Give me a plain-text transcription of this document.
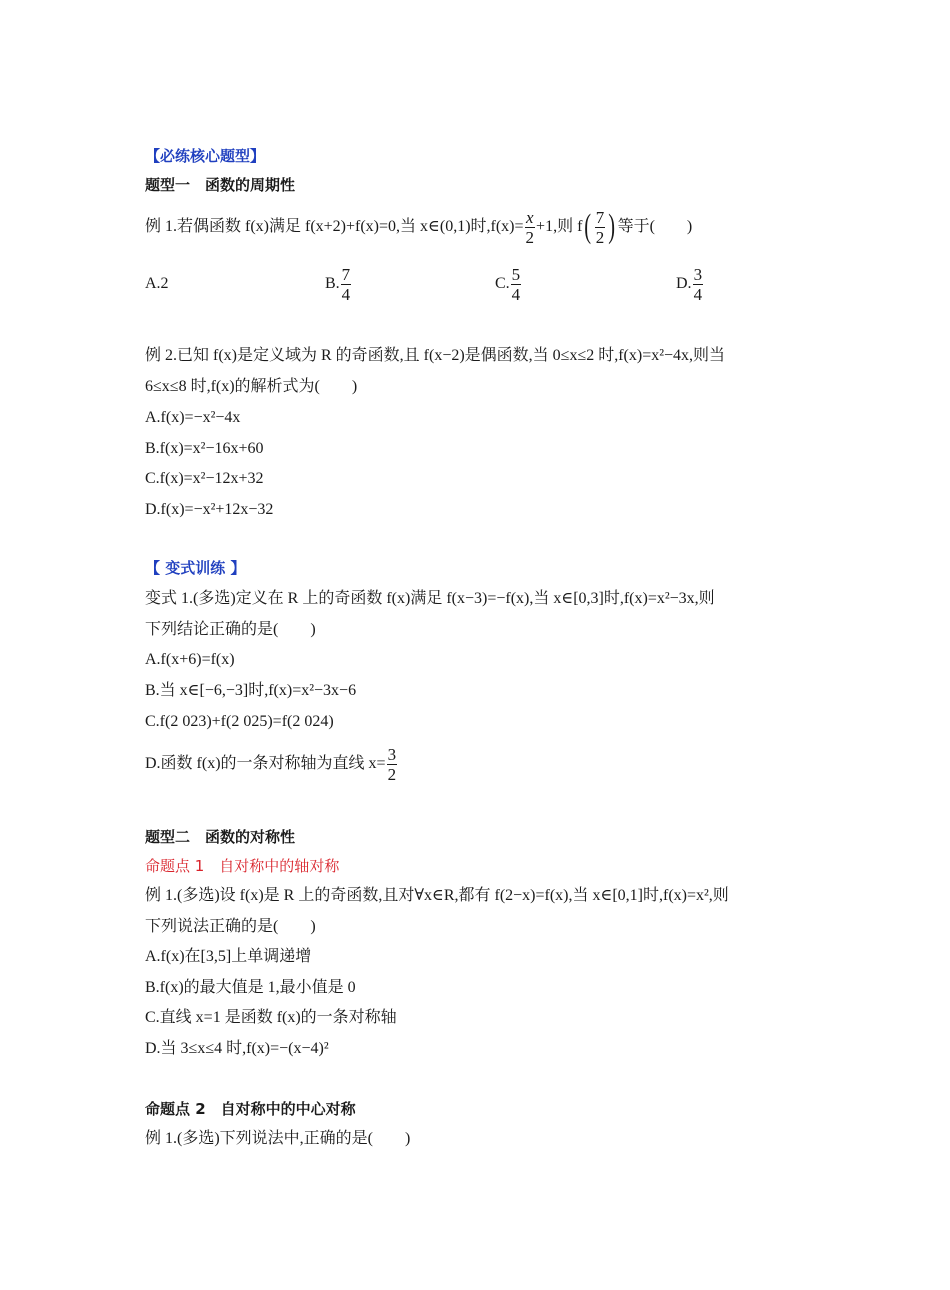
【必练核心题型】
题型一　函数的周期性
例 1.若偶函数 f(x)满足 f(x+2)+f(x)=0,当 x∈(0,1)时$,f(x)= \frac{x}{2} +1$,则 $f( \frac{7}{2}$ ) 等于(　　)
A.2	B. $\frac{7}{4}$	C. $\frac{5}{4}$	D. $\frac{3}{4}$
例 2.已知 f(x)是定义域为 R 的奇函数,且 f(x−2)是偶函数,当 0≤x≤2 时,f(x)=x²−4x,则当
6≤x≤8 时,f(x)的解析式为(　　)
A.f(x)=−x²−4x
B.f(x)=x²−16x+60
C.f(x)=x²−12x+32
D.f(x)=−x²+12x−32
【 变式训练 】
变式 1.(多选)定义在 R 上的奇函数 f(x)满足 f(x−3)=−f(x),当 x∈[0,3]时,f(x)=x²−3x,则
下列结论正确的是(　　)
A.f(x+6)=f(x)
B.当 x∈[−6,−3]时,f(x)=x²−3x−6
C.f(2 023)+f(2 025)=f(2 024)
D.函数 f(x)的一条对称轴为直线 $x= \frac{3}{2}$
题型二　函数的对称性
命题点 1　自对称中的轴对称
例 1.(多选)设 f(x)是 R 上的奇函数,且对∀x∈R,都有 f(2−x)=f(x),当 x∈[0,1]时,f(x)=x²,则
下列说法正确的是(　　)
A.f(x)在[3,5]上单调递增
B.f(x)的最大值是 1,最小值是 0
C.直线 x=1 是函数 f(x)的一条对称轴
D.当 3≤x≤4 时,f(x)=−(x−4)²
命题点 2　自对称中的中心对称
例 1.(多选)下列说法中,正确的是(　　)
